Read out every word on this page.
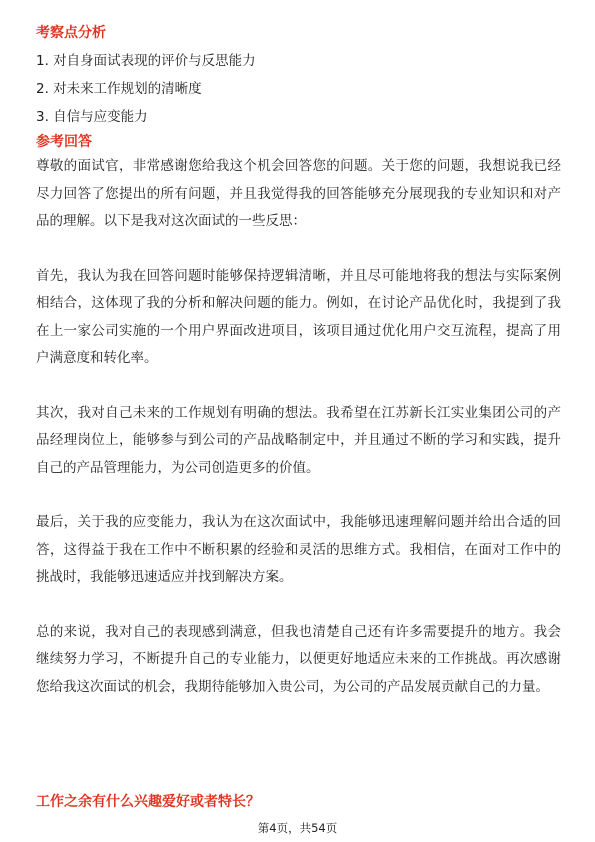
考察点分析
1. 对自身面试表现的评价与反思能力
2. 对未来工作规划的清晰度
3. 自信与应变能力
参考回答

尊敬的面试官，非常感谢您给我这个机会回答您的问题。关于您的问题，我想说我已经尽力回答了您提出的所有问题，并且我觉得我的回答能够充分展现我的专业知识和对产品的理解。以下是我对这次面试的一些反思：

首先，我认为我在回答问题时能够保持逻辑清晰，并且尽可能地将我的想法与实际案例相结合，这体现了我的分析和解决问题的能力。例如，在讨论产品优化时，我提到了我在上一家公司实施的一个用户界面改进项目，该项目通过优化用户交互流程，提高了用户满意度和转化率。

其次，我对自己未来的工作规划有明确的想法。我希望在江苏新长江实业集团公司的产品经理岗位上，能够参与到公司的产品战略制定中，并且通过不断的学习和实践，提升自己的产品管理能力，为公司创造更多的价值。

最后，关于我的应变能力，我认为在这次面试中，我能够迅速理解问题并给出合适的回答，这得益于我在工作中不断积累的经验和灵活的思维方式。我相信，在面对工作中的挑战时，我能够迅速适应并找到解决方案。

总的来说，我对自己的表现感到满意，但我也清楚自己还有许多需要提升的地方。我会继续努力学习，不断提升自己的专业能力，以便更好地适应未来的工作挑战。再次感谢您给我这次面试的机会，我期待能够加入贵公司，为公司的产品发展贡献自己的力量。

工作之余有什么兴趣爱好或者特长？
第4页，共54页
